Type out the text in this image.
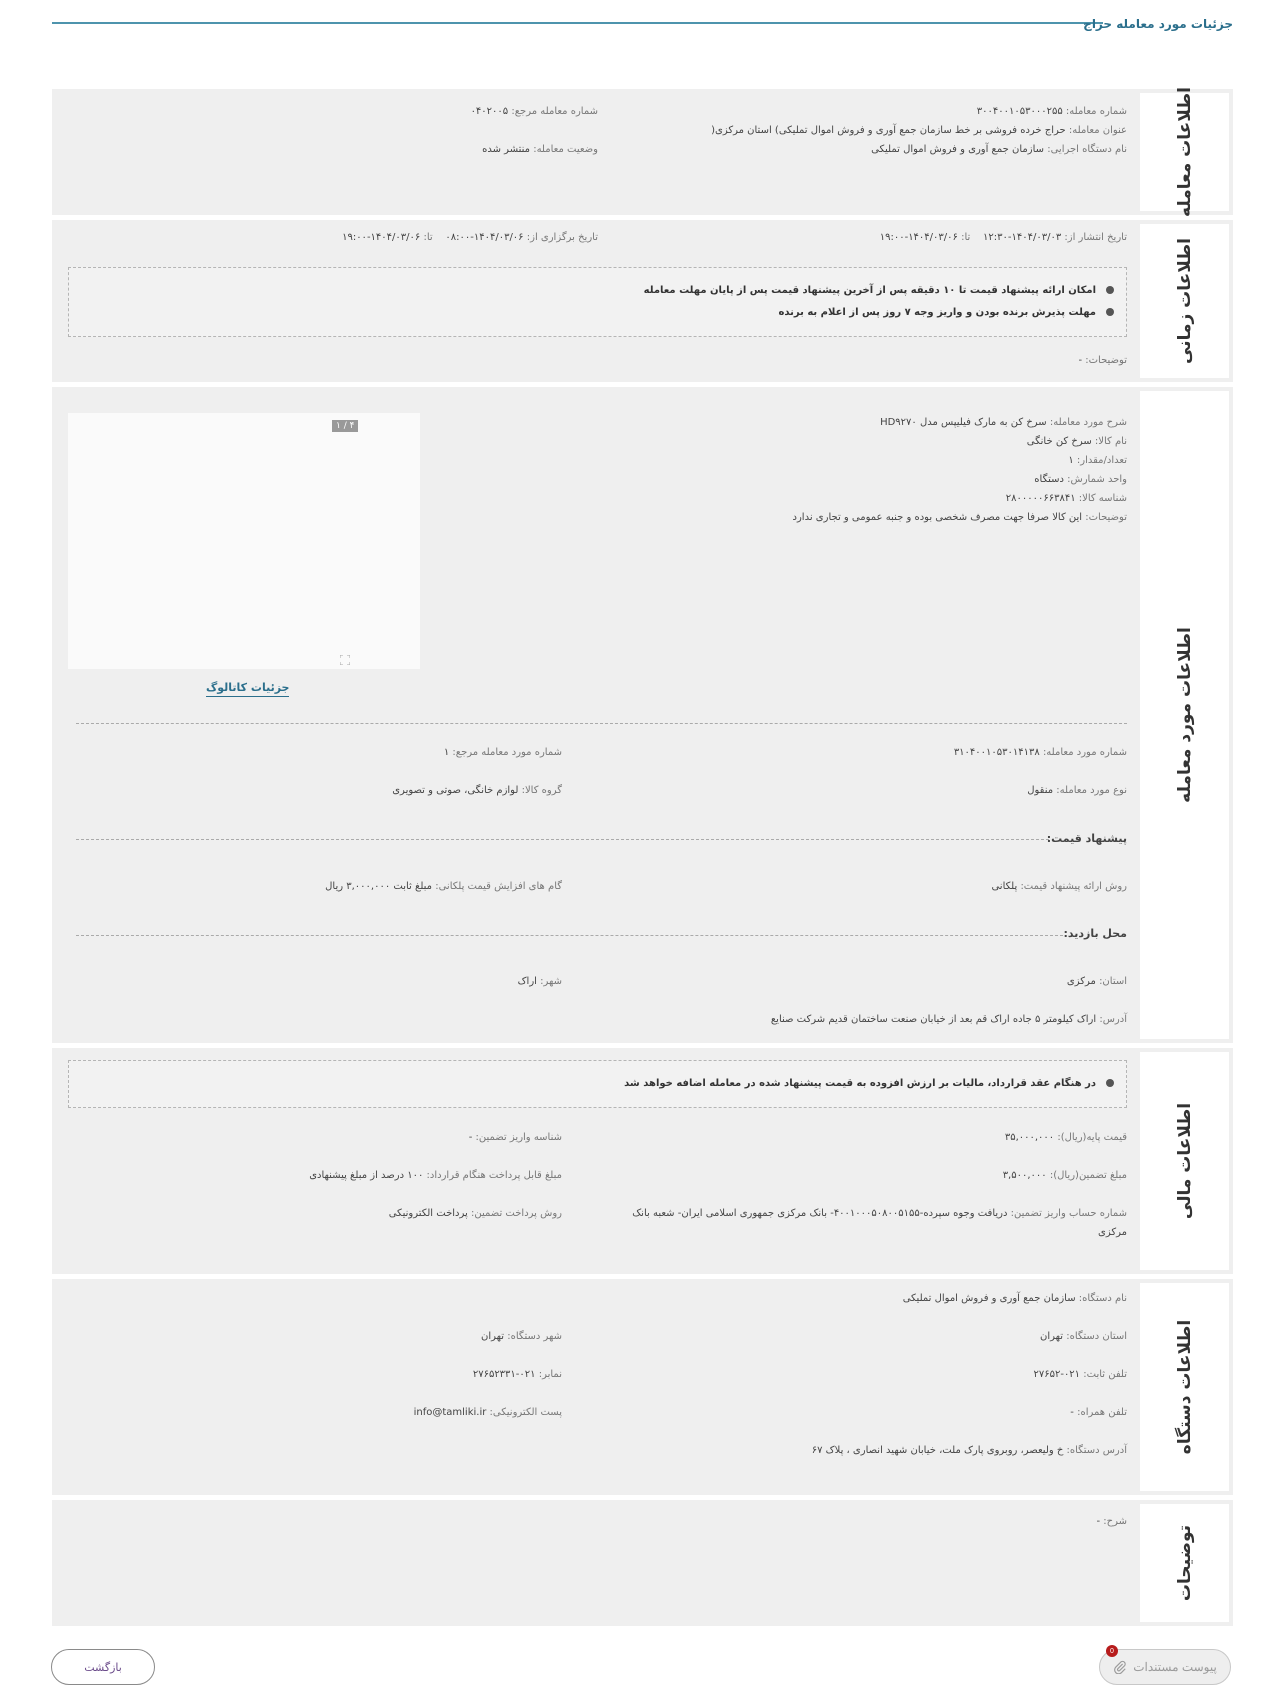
جزئیات مورد معامله حراج
اطلاعات معامله
شماره معامله: ۳۰۰۴۰۰۱۰۵۳۰۰۰۲۵۵
شماره معامله مرجع: ۰۴۰۲۰۰۵
عنوان معامله: حراج خرده فروشی بر خط سازمان جمع آوری و فروش اموال تملیکی) استان مرکزی(
نام دستگاه اجرایی: سازمان جمع آوری و فروش اموال تملیکی
وضعیت معامله: منتشر شده
اطلاعات زمانی
تاریخ انتشار از: ۱۴۰۴/۰۳/۰۳-۱۲:۳۰    تا: ۱۴۰۴/۰۳/۰۶-۱۹:۰۰
تاریخ برگزاری از: ۱۴۰۴/۰۳/۰۶-۰۸:۰۰    تا: ۱۴۰۴/۰۳/۰۶-۱۹:۰۰
امکان ارائه پیشنهاد قیمت تا ۱۰ دقیقه پس از آخرین پیشنهاد قیمت پس از پایان مهلت معامله
مهلت پذیرش برنده بودن و واریز وجه ۷ روز پس از اعلام به برنده
توضیحات: -
اطلاعات مورد معامله
۴ / ۱
جزئیات کاتالوگ
شرح مورد معامله: سرخ کن به مارک فیلیپس مدل HD۹۲۷۰
نام کالا: سرخ کن خانگی
تعداد/مقدار: ۱
واحد شمارش: دستگاه
شناسه کالا: ۲۸۰۰۰۰۰۶۶۳۸۴۱
توضیحات: این کالا صرفا جهت مصرف شخصی بوده و جنبه عمومی و تجاری ندارد
شماره مورد معامله: ۳۱۰۴۰۰۱۰۵۳۰۱۴۱۳۸
شماره مورد معامله مرجع: ۱
نوع مورد معامله: منقول
گروه کالا: لوازم خانگی، صوتی و تصویری
پیشنهاد قیمت:
روش ارائه پیشنهاد قیمت: پلکانی
گام های افزایش قیمت پلکانی: مبلغ ثابت ۳,۰۰۰,۰۰۰ ریال
محل بازدید:
استان: مرکزی
شهر: اراک
آدرس: اراک کیلومتر ۵ جاده اراک قم بعد از خیابان صنعت ساختمان قدیم شرکت صنایع
اطلاعات مالی
در هنگام عقد قرارداد، مالیات بر ارزش افزوده به قیمت پیشنهاد شده در معامله اضافه خواهد شد
قیمت پایه(ریال): ۳۵,۰۰۰,۰۰۰
شناسه واریز تضمین: -
مبلغ تضمین(ریال): ۳,۵۰۰,۰۰۰
مبلغ قابل پرداخت هنگام قرارداد: ۱۰۰ درصد از مبلغ پیشنهادی
شماره حساب واریز تضمین: دریافت وجوه سپرده-۴۰۰۱۰۰۰۵۰۸۰۰۵۱۵۵- بانک مرکزی جمهوری اسلامی ایران- شعبه بانک
مرکزی
روش پرداخت تضمین: پرداخت الکترونیکی
اطلاعات دستگاه
نام دستگاه: سازمان جمع آوری و فروش اموال تملیکی
استان دستگاه: تهران
شهر دستگاه: تهران
تلفن ثابت: ۰۲۱-۲۷۶۵۲
نمابر: ۰۲۱-۲۷۶۵۲۳۳۱
تلفن همراه: -
پست الکترونیکی: info@tamliki.ir
آدرس دستگاه: خ ولیعصر، روبروی پارک ملت، خیابان شهید انصاری ، پلاک ۶۷
توضیحات
شرح: -
بازگشت
0
پیوست مستندات
